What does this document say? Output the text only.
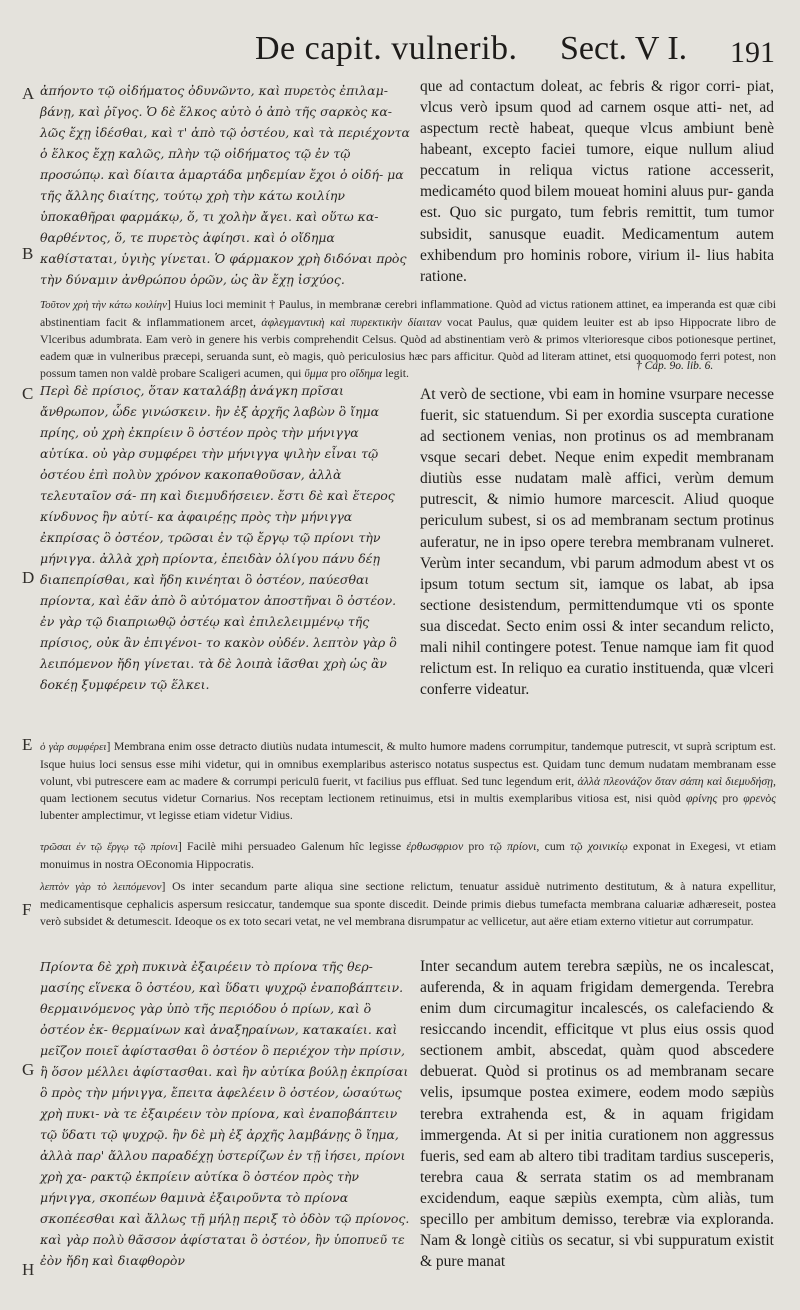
De capit. vulnerib. Sect. V I. 191
A
B
C
D
E
F
G
H
ἀπήοντο τῷ οἰδήματος ὀδυνῶντο, καὶ πυρετὸς ἐπιλαμ- βάνῃ, καὶ ῥῖγος. Ὁ δὲ ἕλκος αὐτὸ ὁ ἀπὸ τῆς σαρκὸς κα- λῶς ἔχῃ ἰδέσθαι, καὶ τ' ἀπὸ τῷ ὀστέου, καὶ τὰ περιέχοντα ὁ ἕλκος ἔχῃ καλῶς, πλὴν τῷ οἰδήματος τῷ ἐν τῷ προσώπῳ. καὶ δίαιτα ἁμαρτάδα μηδεμίαν ἔχοι ὁ οἰδή- μα τῆς ἄλλης διαίτης, τούτῳ χρὴ τὴν κάτω κοιλίην ὑποκαθῆραι φαρμάκῳ, ὅ, τι χολὴν ἄγει. καὶ οὕτω κα- θαρθέντος, ὅ, τε πυρετὸς ἀφίησι. καὶ ὁ οἴδημα καθίσταται, ὑγιὴς γίνεται. Ὁ φάρμακον χρὴ διδόναι πρὸς τὴν δύναμιν ἀνθρώπου ὁρῶν, ὡς ἂν ἔχῃ ἰσχύος.
que ad contactum doleat, ac febris & rigor corri- piat, vlcus verò ipsum quod ad carnem osque atti- net, ad aspectum rectè habeat, queque vlcus ambiunt benè habeant, excepto faciei tumore, eique nullum aliud peccatum in reliqua victus ratione accesserit, medicaméto quod bilem moueat homini aluus pur- ganda est. Quo sic purgato, tum febris remittit, tum tumor subsidit, sanusque euadit. Medicamentum autem exhibendum pro hominis robore, virium il- lius habita ratione.
Τοῦτον χρὴ τὴν κάτω κοιλίην] Huius loci meminit † Paulus, in membranæ cerebri inflammatione. Quòd ad victus rationem attinet, ea imperanda est quæ cibi abstinentiam facit & inflammationem arcet, ἀφλεγμαντικὴ καὶ πυρεκτικὴν δίαιταν vocat Paulus, quæ quidem leuiter est ab ipso Hippocrate libro de Vlceribus adumbrata. Eam verò in genere his verbis comprehendit Celsus. Quòd ad abstinentiam verò & primos vlterioresque cibos potionesque pertinet, eadem quæ in vulneribus præcepi, seruanda sunt, eò magis, quò periculosius hæc pars afficitur. Quòd ad literam attinet, etsi quoquomodo ferri potest, non possum tamen non valdè probare Scaligeri acumen, qui ὕμμα pro οἴδημα legit.
† Cap. 9o. lib. 6.
Περὶ δὲ πρίσιος, ὅταν καταλάβῃ ἀνάγκη πρῖσαι ἄνθρωπον, ὧδε γινώσκειν. ἢν ἐξ ἀρχῆς λαβὼν ὃ ἴημα πρίης, οὐ χρὴ ἐκπρίειν ὃ ὀστέον πρὸς τὴν μήνιγγα αὐτίκα. οὐ γὰρ συμφέρει τὴν μήνιγγα ψιλὴν εἶναι τῷ ὀστέου ἐπὶ πολὺν χρόνον κακοπαθοῦσαν, ἀλλὰ τελευταῖον σά- πη καὶ διεμυδήσειεν. ἔστι δὲ καὶ ἕτερος κίνδυνος ἢν αὐτί- κα ἀφαιρέῃς πρὸς τὴν μήνιγγα ἐκπρίσας ὃ ὀστέον, τρῶσαι ἐν τῷ ἔργῳ τῷ πρίονι τὴν μήνιγγα. ἀλλὰ χρὴ πρίοντα, ἐπειδὰν ὀλίγου πάνυ δέῃ διαπεπρίσθαι, καὶ ἤδη κινέηται ὃ ὀστέον, παύεσθαι πρίοντα, καὶ ἐᾶν ἀπὸ ὃ αὐτόματον ἀποστῆναι ὃ ὀστέον. ἐν γὰρ τῷ διαπριωθῷ ὀστέῳ καὶ ἐπιλελειμμένῳ τῆς πρίσιος, οὐκ ἂν ἐπιγένοι- το κακὸν οὐδέν. λεπτὸν γὰρ ὃ λειπόμενον ἤδη γίνεται. τὰ δὲ λοιπὰ ἰᾶσθαι χρὴ ὡς ἂν δοκέῃ ξυμφέρειν τῷ ἕλκει.
At verò de sectione, vbi eam in homine vsurpare necesse fuerit, sic statuendum. Si per exordia suscepta curatione ad sectionem venias, non protinus os ad membranam vsque secari debet. Neque enim expedit membranam diutiùs esse nudatam malè affici, verùm demum putrescit, & nimio humore marcescit. Aliud quoque periculum subest, si os ad membranam sectum protinus auferatur, ne in ipso opere terebra membranam vulneret. Verùm inter secandum, vbi parum admodum abest vt os ipsum totum sectum sit, iamque os labat, ab ipsa sectione desistendum, permittendumque vti os sponte sua discedat. Secto enim ossi & inter secandum relicto, mali nihil contingere potest. Tenue namque iam fit quod relictum est. In reliquo ea curatio instituenda, quæ vlceri conferre videatur.
ὁ γὰρ συμφέρει] Membrana enim osse detracto diutiùs nudata intumescit, & multo humore madens corrumpitur, tandemque putrescit, vt suprà scriptum est. Isque huius loci sensus esse mihi videtur, qui in omnibus exemplaribus asterisco notatus suspectus est. Quidam tunc demum nudatam membranam esse volunt, vbi putrescere eam ac madere & corrumpi periculū fuerit, vt facilius pus effluat. Sed tunc legendum erit, ἀλλὰ πλεονάζον ὅταν σάπη καὶ διεμυδήσῃ, quam lectionem secutus videtur Cornarius. Nos receptam lectionem retinuimus, etsi in multis exemplaribus vitiosa est, nisi quòd φρίνης pro φρενὸς lubenter amplectimur, vt legisse etiam videtur Vidius.
τρῶσαι ἐν τῷ ἔργῳ τῷ πρίονι] Facilè mihi persuadeo Galenum hîc legisse ἐρθωσφριον pro τῷ πρίονι, cum τῷ χοινικίῳ exponat in Exegesi, vt etiam monuimus in nostra OEconomia Hippocratis.
λεπτὸν γὰρ τὸ λειπόμενον] Os inter secandum parte aliqua sine sectione relictum, tenuatur assiduè nutrimento destitutum, & à natura expellitur, medicamentisque cephalicis aspersum resiccatur, tandemque sua sponte discedit. Deinde primis diebus tumefacta membrana caluariæ adhæreseit, postea verò subsidet & detumescit. Ideoque os ex toto secari vetat, ne vel membrana disrumpatur ac vellicetur, aut aëre etiam externo vitietur aut corrumpatur.
Πρίοντα δὲ χρὴ πυκινὰ ἐξαιρέειν τὸ πρίονα τῆς θερ- μασίης εἵνεκα ὃ ὀστέου, καὶ ὕδατι ψυχρῷ ἐναποβάπτειν. θερμαινόμενος γὰρ ὑπὸ τῆς περιόδου ὁ πρίων, καὶ ὃ ὀστέον ἐκ- θερμαίνων καὶ ἀναξηραίνων, κατακαίει. καὶ μεῖζον ποιεῖ ἀφίστασθαι ὃ ὀστέον ὃ περιέχον τὴν πρίσιν, ἢ ὅσον μέλλει ἀφίστασθαι. καὶ ἢν αὐτίκα βούλῃ ἐκπρίσαι ὃ πρὸς τὴν μήνιγγα, ἔπειτα ἀφελέειν ὃ ὀστέον, ὡσαύτως χρὴ πυκι- νὰ τε ἐξαιρέειν τὸν πρίονα, καὶ ἐναποβάπτειν τῷ ὕδατι τῷ ψυχρῷ. ἢν δὲ μὴ ἐξ ἀρχῆς λαμβάνῃς ὃ ἴημα, ἀλλὰ παρ' ἄλλου παραδέχῃ ὑστερίζων ἐν τῇ ἰήσει, πρίονι χρὴ χα- ρακτῷ ἐκπρίειν αὐτίκα ὃ ὀστέον πρὸς τὴν μήνιγγα, σκοπέων θαμινὰ ἐξαιροῦντα τὸ πρίονα σκοπέεσθαι καὶ ἄλλως τῇ μήλῃ περιξ τὸ ὁδὸν τῷ πρίονος. καὶ γὰρ πολὺ θᾶσσον ἀφίσταται ὃ ὀστέον, ἢν ὑποπυεῦ τε ἐὸν ἤδη καὶ διαφθορὸν
Inter secandum autem terebra sæpiùs, ne os incalescat, auferenda, & in aquam frigidam demergenda. Terebra enim dum circumagitur incalescés, os calefaciendo & resiccando incendit, efficitque vt plus eius ossis quod sectionem ambit, abscedat, quàm quod abscedere debuerat. Quòd si protinus os ad membranam secare velis, ipsumque postea eximere, eodem modo sæpiùs terebra extrahenda est, & in aquam frigidam immergenda. At si per initia curationem non aggressus fueris, sed eam ab altero tibi traditam tardius susceperis, terebra caua & serrata statim os ad membranam excidendum, eaque sæpiùs exempta, cùm aliàs, tum specillo per ambitum demisso, terebræ via exploranda. Nam & longè citiùs os secatur, si vbi suppuratum existit & pure manat
